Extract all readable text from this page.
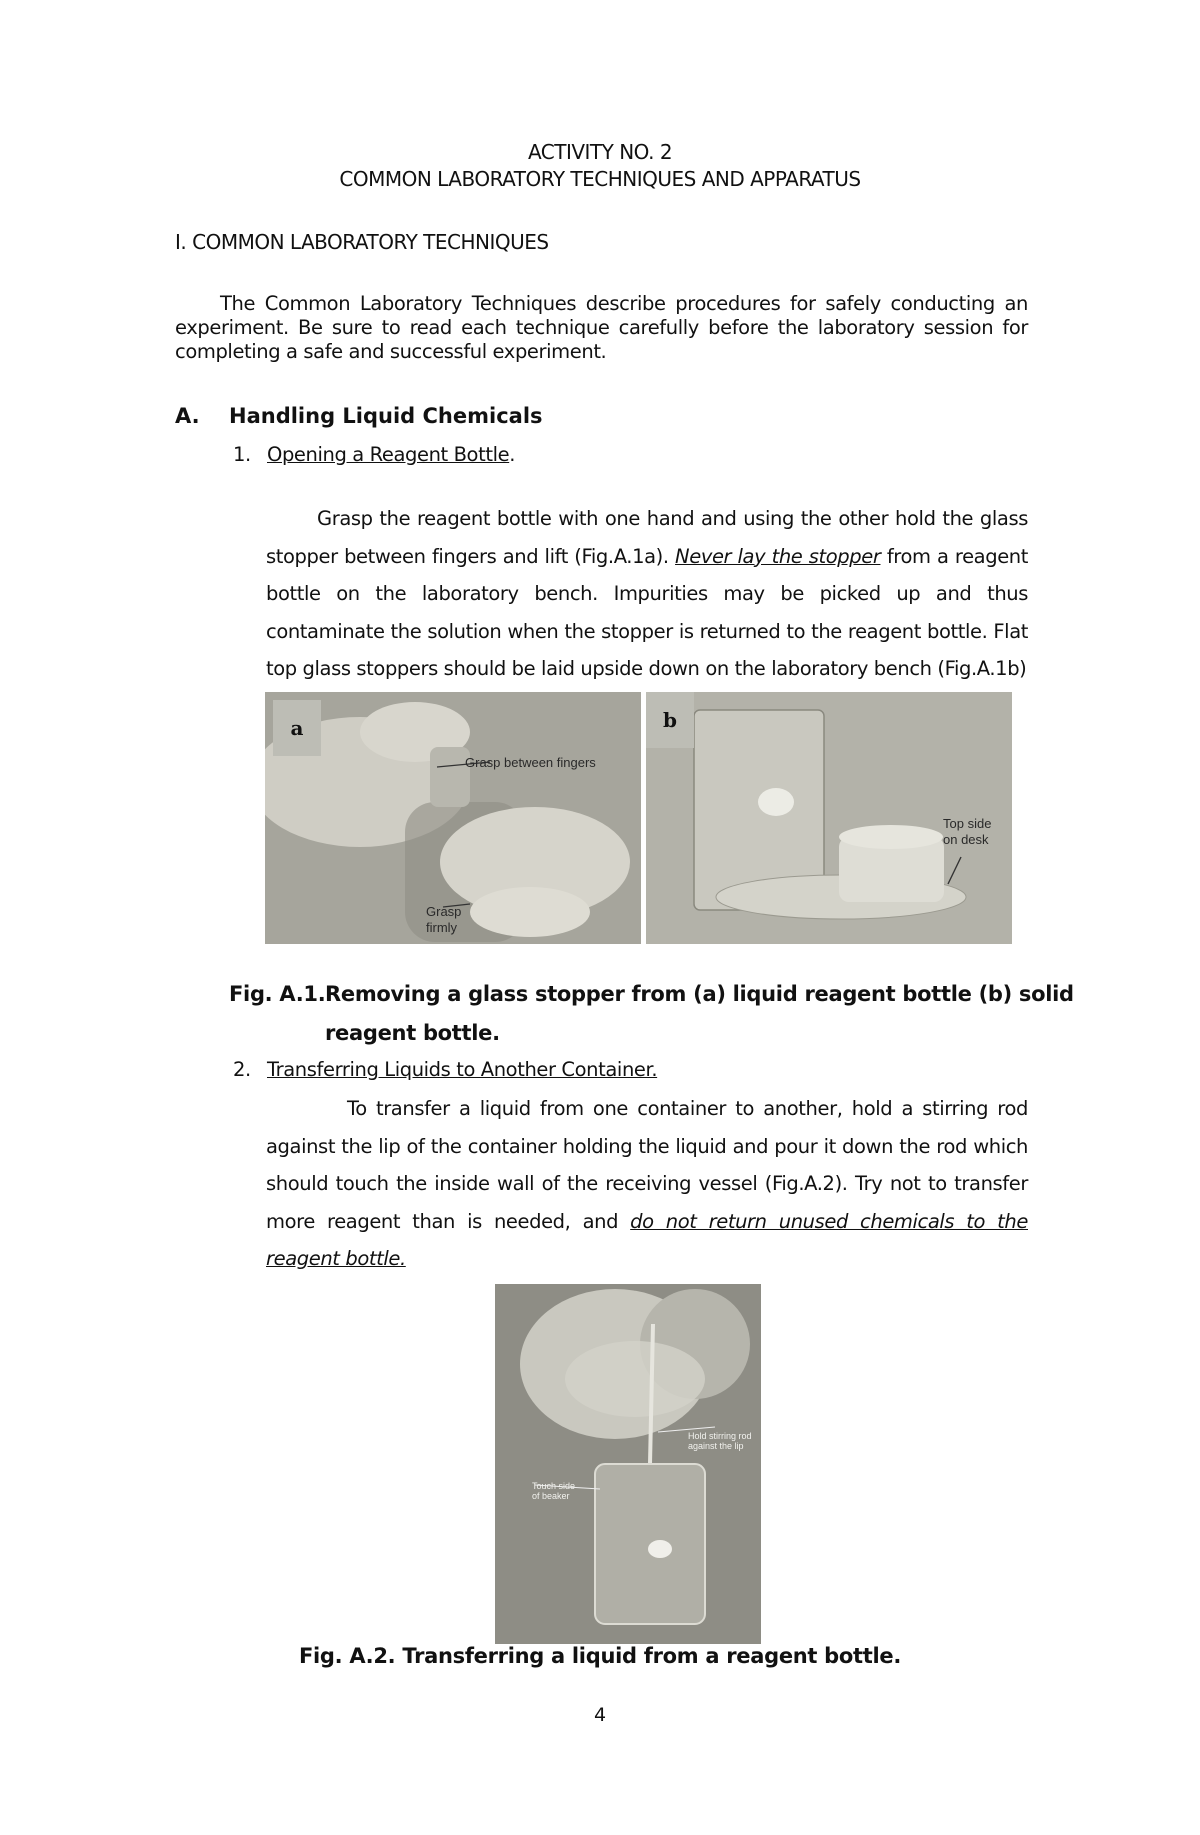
ACTIVITY NO. 2
COMMON LABORATORY TECHNIQUES AND APPARATUS
I. COMMON LABORATORY TECHNIQUES
The Common Laboratory Techniques describe procedures for safely conducting an experiment. Be sure to read each technique carefully before the laboratory session for completing a safe and successful experiment.
A. Handling Liquid Chemicals
1. Opening a Reagent Bottle.
Grasp the reagent bottle with one hand and using the other hold the glass stopper between fingers and lift (Fig.A.1a). Never lay the stopper from a reagent bottle on the laboratory bench. Impurities may be picked up and thus contaminate the solution when the stopper is returned to the reagent bottle. Flat top glass stoppers should be laid upside down on the laboratory bench (Fig.A.1b)
a
Grasp between fingers
Grasp
firmly
b
Top side
on desk
Fig. A.1. Removing a glass stopper from (a) liquid reagent bottle (b) solid
reagent bottle.
2. Transferring Liquids to Another Container.
To transfer a liquid from one container to another, hold a stirring rod against the lip of the container holding the liquid and pour it down the rod which should touch the inside wall of the receiving vessel (Fig.A.2). Try not to transfer more reagent than is needed, and do not return unused chemicals to the reagent bottle.
Hold stirring rod
against the lip
Touch side
of beaker
Fig. A.2. Transferring a liquid from a reagent bottle.
4
